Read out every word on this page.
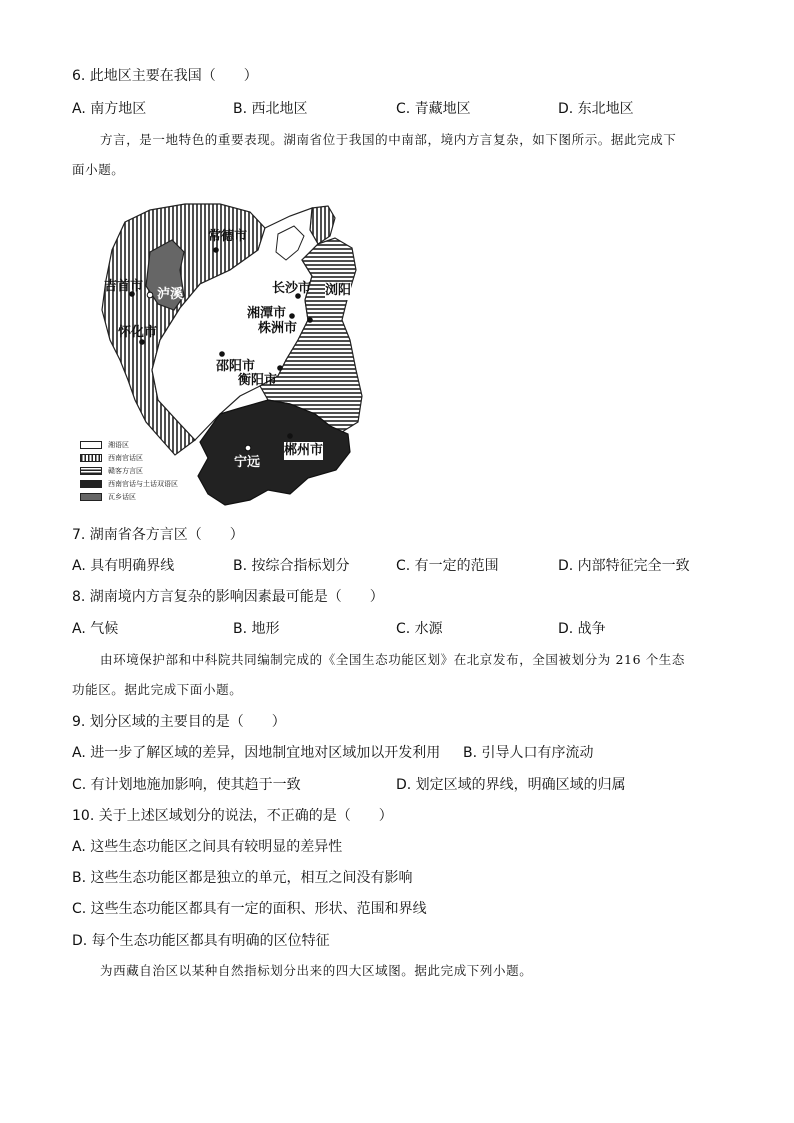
6. 此地区主要在我国（　　）
A. 南方地区	B. 西北地区	C. 青藏地区	D. 东北地区
方言，是一地特色的重要表现。湖南省位于我国的中南部，境内方言复杂，如下图所示。据此完成下
面小题。
常德市
吉首市
泸溪
怀化市
长沙市 浏阳
湘潭市
株洲市
邵阳市
衡阳市
宁远
郴州市
湘语区
西南官话区
赣客方言区
西南官话与土话双语区
瓦乡话区
7. 湖南省各方言区（　　）
A. 具有明确界线	B. 按综合指标划分	C. 有一定的范围	D. 内部特征完全一致
8. 湖南境内方言复杂的影响因素最可能是（　　）
A. 气候	B. 地形	C. 水源	D. 战争
由环境保护部和中科院共同编制完成的《全国生态功能区划》在北京发布，全国被划分为 216 个生态
功能区。据此完成下面小题。
9. 划分区域的主要目的是（　　）
A. 进一步了解区域的差异，因地制宜地对区域加以开发利用 B. 引导人口有序流动
C. 有计划地施加影响，使其趋于一致	D. 划定区域的界线，明确区域的归属
10. 关于上述区域划分的说法，不正确的是（　　）
A. 这些生态功能区之间具有较明显的差异性
B. 这些生态功能区都是独立的单元，相互之间没有影响
C. 这些生态功能区都具有一定的面积、形状、范围和界线
D. 每个生态功能区都具有明确的区位特征
为西藏自治区以某种自然指标划分出来的四大区域图。据此完成下列小题。
